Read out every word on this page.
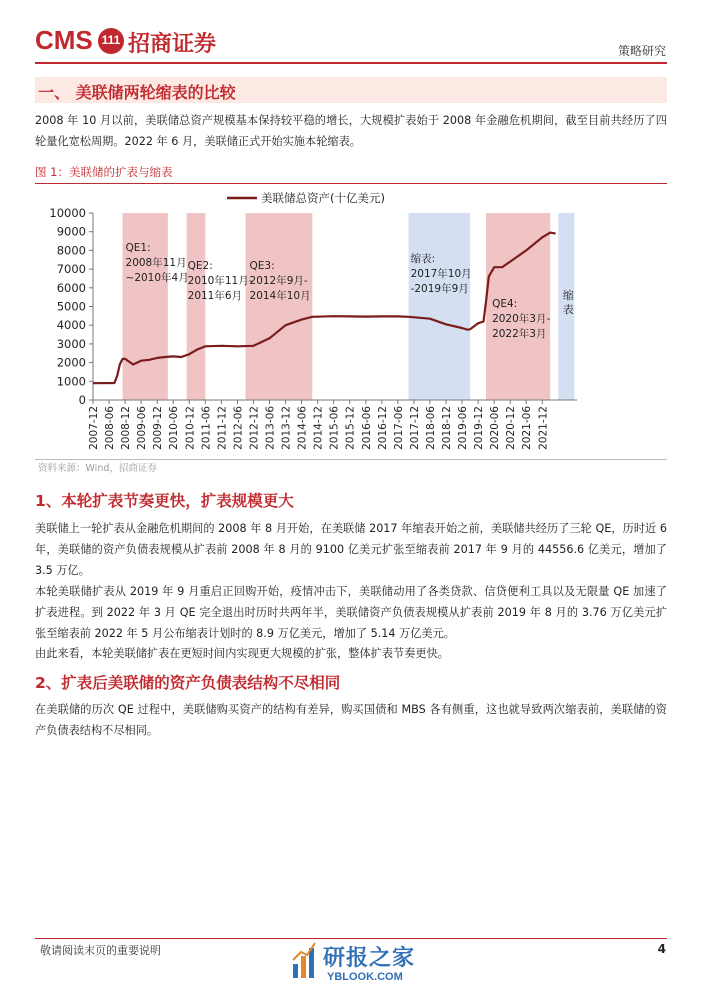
CMS 111 招商证券	策略研究
一、 美联储两轮缩表的比较
2008 年 10 月以前，美联储总资产规模基本保持较平稳的增长，大规模扩表始于 2008 年金融危机期间，截至目前共经历了四轮量化宽松周期。2022 年 6 月，美联储正式开始实施本轮缩表。
图 1：美联储的扩表与缩表
0
1000
2000
3000
4000
5000
6000
7000
8000
9000
10000
2007-12 2008-06 2008-12 2009-06 2009-12 2010-06 2010-12 2011-06 2011-12 2012-06 2012-12 2013-06 2013-12 2014-06 2014-12 2015-06 2015-12 2016-06 2016-12 2017-06 2017-12 2018-06 2018-12 2019-06 2019-12 2020-06 2020-12 2021-06 2021-12
美联储总资产(十亿美元)
QE1:
2008年11月
~2010年4月
QE2:
2010年11月-
2011年6月
QE3:
2012年9月-
2014年10月
缩表:
2017年10月
-2019年9月
QE4:
2020年3月-
2022年3月
缩
表
资料来源：Wind，招商证券
1、本轮扩表节奏更快，扩表规模更大
美联储上一轮扩表从金融危机期间的 2008 年 8 月开始，在美联储 2017 年缩表开始之前，美联储共经历了三轮 QE，历时近 6 年，美联储的资产负债表规模从扩表前 2008 年 8 月的 9100 亿美元扩张至缩表前 2017 年 9 月的 44556.6 亿美元，增加了 3.5 万亿。
本轮美联储扩表从 2019 年 9 月重启正回购开始，疫情冲击下，美联储动用了各类贷款、信贷便利工具以及无限量 QE 加速了扩表进程。到 2022 年 3 月 QE 完全退出时历时共两年半，美联储资产负债表规模从扩表前 2019 年 8 月的 3.76 万亿美元扩张至缩表前 2022 年 5 月公布缩表计划时的 8.9 万亿美元，增加了 5.14 万亿美元。
由此来看，本轮美联储扩表在更短时间内实现更大规模的扩张，整体扩表节奏更快。
2、扩表后美联储的资产负债表结构不尽相同
在美联储的历次 QE 过程中，美联储购买资产的结构有差异，购买国债和 MBS 各有侧重，这也就导致两次缩表前，美联储的资产负债表结构不尽相同。
敬请阅读末页的重要说明	研报之家
YBLOOK.COM
4
